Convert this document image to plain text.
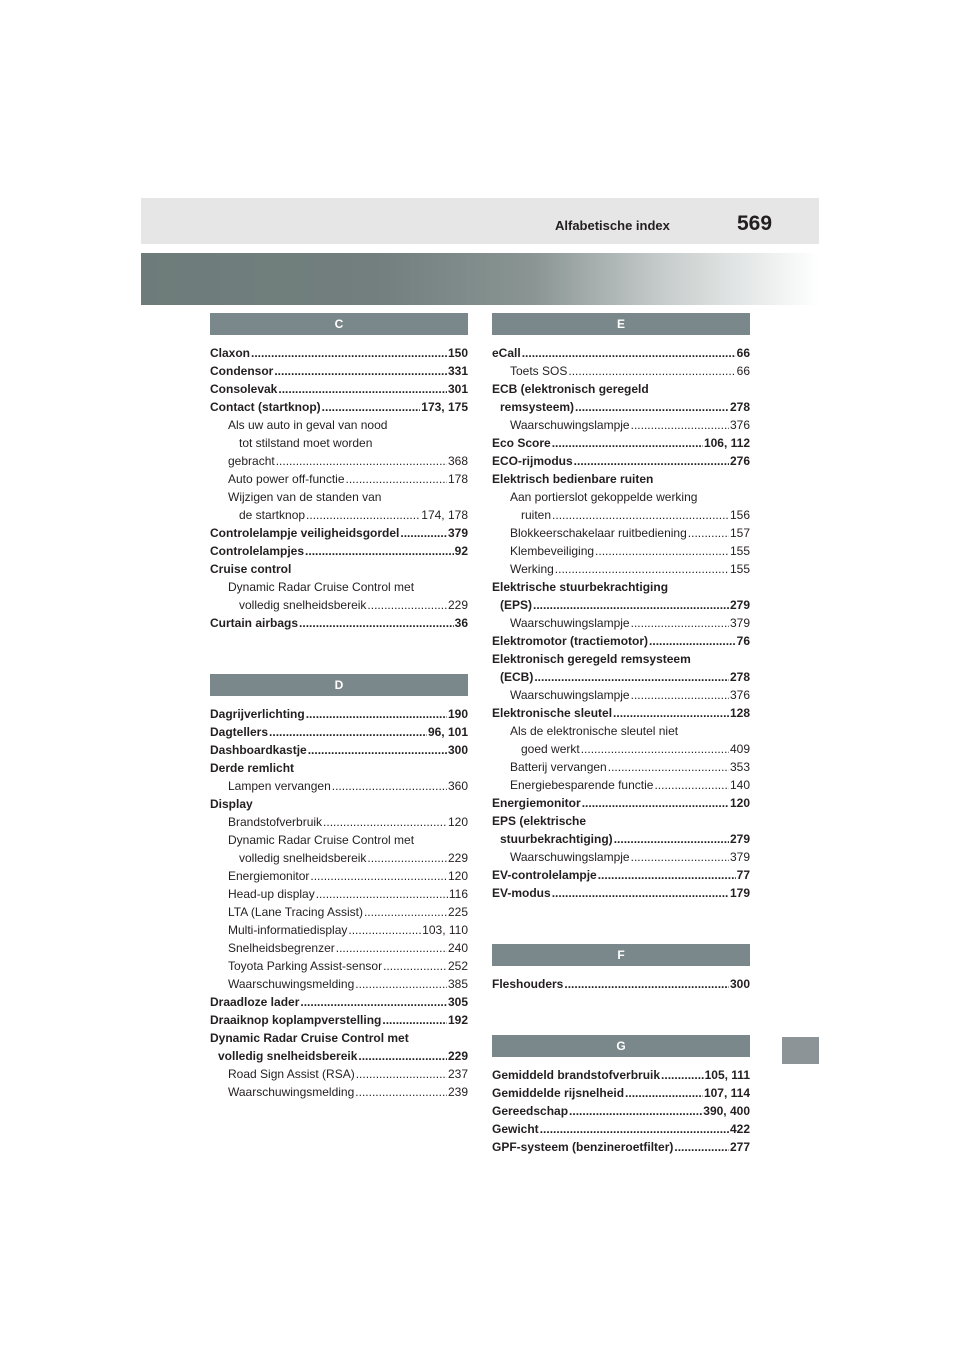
Alfabetische index	569
C
Claxon .....	150
Condensor .....	331
Consolevak .....	301
Contact (startknop) .....	173, 175
Als uw auto in geval van nood
tot stilstand moet worden
gebracht .....	368
Auto power off-functie .....	178
Wijzigen van de standen van
de startknop .....	174, 178
Controlelampje veiligheidsgordel .....	379
Controlelampjes .....	92
Cruise control
Dynamic Radar Cruise Control met
volledig snelheidsbereik .....	229
Curtain airbags .....	36
D
Dagrijverlichting .....	190
Dagtellers .....	96, 101
Dashboardkastje .....	300
Derde remlicht
Lampen vervangen .....	360
Display
Brandstofverbruik .....	120
Dynamic Radar Cruise Control met
volledig snelheidsbereik .....	229
Energiemonitor .....	120
Head-up display .....	116
LTA (Lane Tracing Assist) .....	225
Multi-informatiedisplay .....	103, 110
Snelheidsbegrenzer .....	240
Toyota Parking Assist-sensor .....	252
Waarschuwingsmelding .....	385
Draadloze lader .....	305
Draaiknop koplampverstelling .....	192
Dynamic Radar Cruise Control met
volledig snelheidsbereik .....	229
Road Sign Assist (RSA) .....	237
Waarschuwingsmelding .....	239
E
eCall .....	66
Toets SOS .....	66
ECB (elektronisch geregeld
remsysteem) .....	278
Waarschuwingslampje .....	376
Eco Score .....	106, 112
ECO-rijmodus .....	276
Elektrisch bedienbare ruiten
Aan portierslot gekoppelde werking
ruiten .....	156
Blokkeerschakelaar ruitbediening .....	157
Klembeveiliging .....	155
Werking .....	155
Elektrische stuurbekrachtiging
(EPS) .....	279
Waarschuwingslampje .....	379
Elektromotor (tractiemotor) .....	76
Elektronisch geregeld remsysteem
(ECB) .....	278
Waarschuwingslampje .....	376
Elektronische sleutel .....	128
Als de elektronische sleutel niet
goed werkt .....	409
Batterij vervangen .....	353
Energiebesparende functie .....	140
Energiemonitor .....	120
EPS (elektrische
stuurbekrachtiging) .....	279
Waarschuwingslampje .....	379
EV-controlelampje .....	77
EV-modus .....	179
F
Fleshouders .....	300
G
Gemiddeld brandstofverbruik .....	105, 111
Gemiddelde rijsnelheid .....	107, 114
Gereedschap .....	390, 400
Gewicht .....	422
GPF-systeem (benzineroetfilter) .....	277
